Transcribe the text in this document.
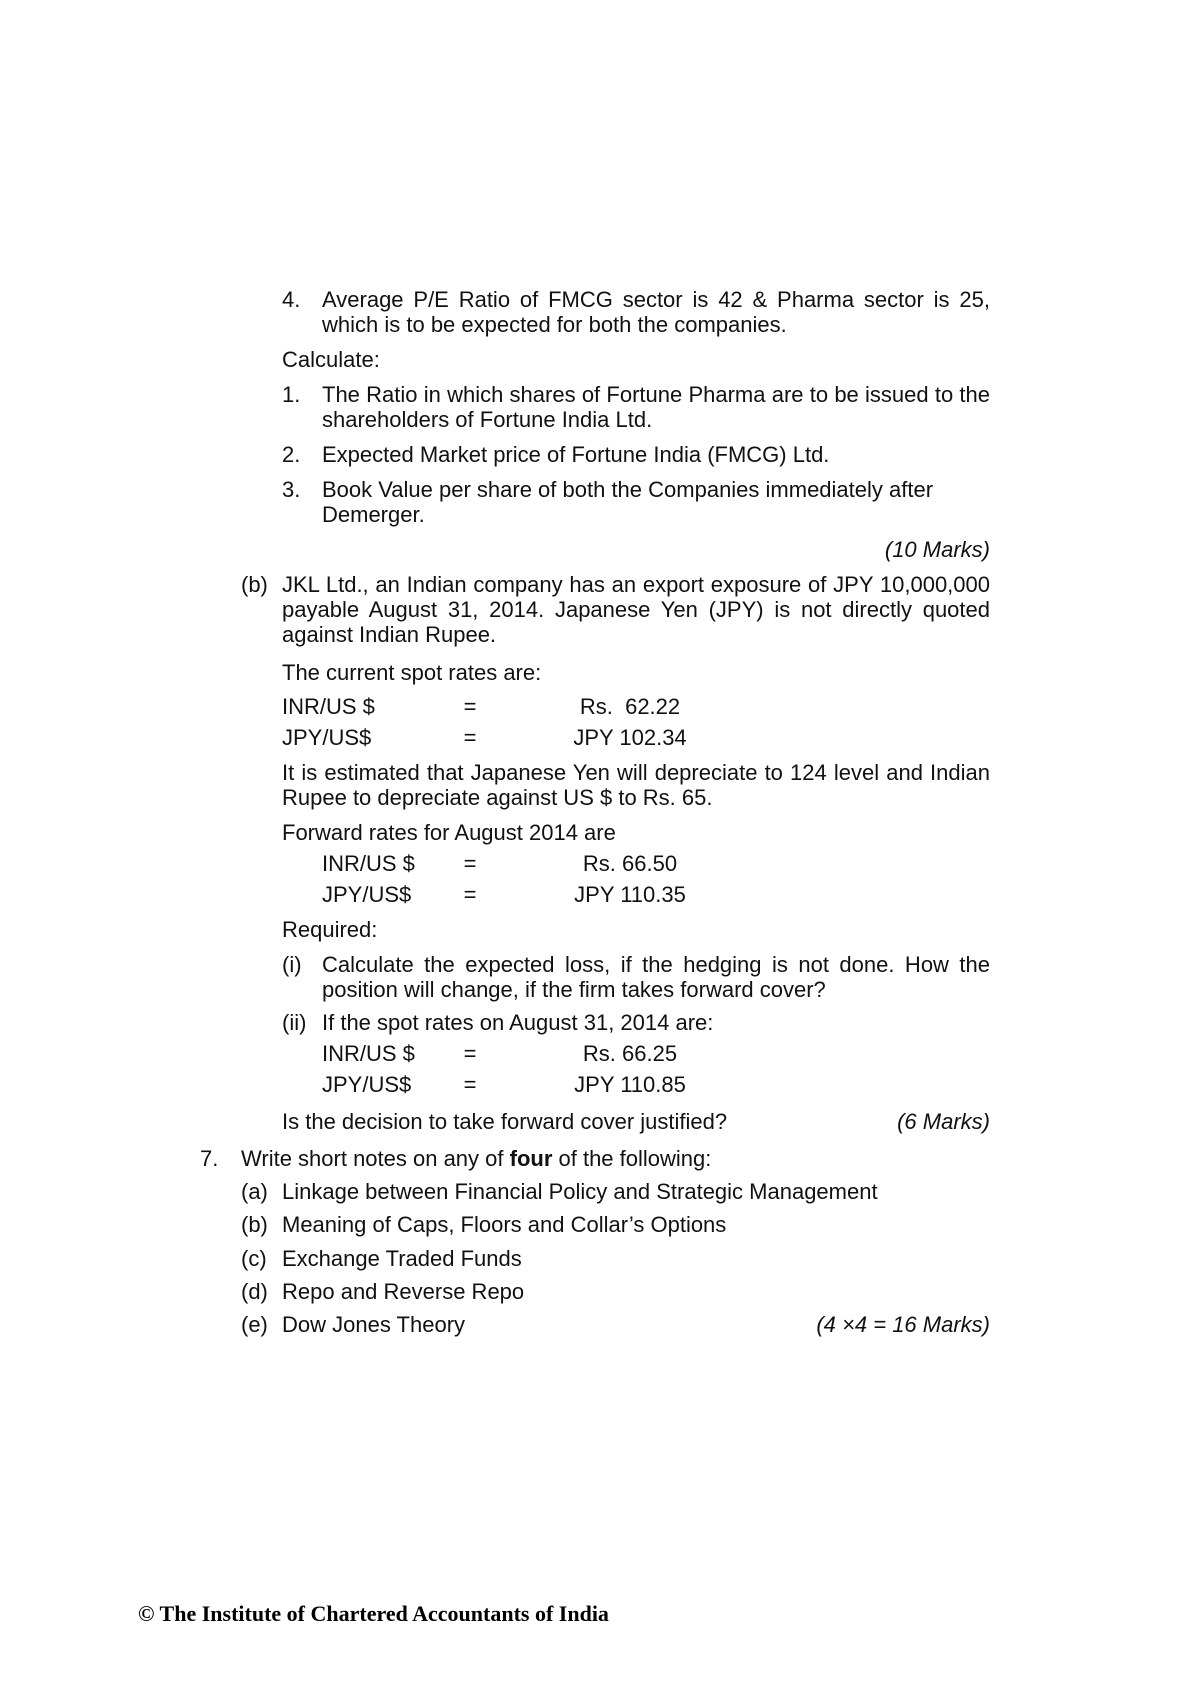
4. Average P/E Ratio of FMCG sector is 42 & Pharma sector is 25, which is to be expected for both the companies.
Calculate:
1. The Ratio in which shares of Fortune Pharma are to be issued to the shareholders of Fortune India Ltd.
2. Expected Market price of Fortune India (FMCG) Ltd.
3. Book Value per share of both the Companies immediately after Demerger.
(10 Marks)
(b) JKL Ltd., an Indian company has an export exposure of JPY 10,000,000 payable August 31, 2014. Japanese Yen (JPY) is not directly quoted against Indian Rupee.
The current spot rates are:
INR/US $	=	Rs.  62.22
JPY/US$	=	JPY 102.34
It is estimated that Japanese Yen will depreciate to 124 level and Indian Rupee to depreciate against US $ to Rs. 65.
Forward rates for August 2014 are
INR/US $	=	Rs. 66.50
JPY/US$	=	JPY 110.35
Required:
(i) Calculate the expected loss, if the hedging is not done. How the position will change, if the firm takes forward cover?
(ii) If the spot rates on August 31, 2014 are:
INR/US $	=	Rs. 66.25
JPY/US$	=	JPY 110.85
Is the decision to take forward cover justified?	(6 Marks)
7.	Write short notes on any of four of the following:
(a) Linkage between Financial Policy and Strategic Management
(b) Meaning of Caps, Floors and Collar’s Options
(c) Exchange Traded Funds
(d) Repo and Reverse Repo
(e) Dow Jones Theory	(4 ×4 = 16 Marks)
© The Institute of Chartered Accountants of India
